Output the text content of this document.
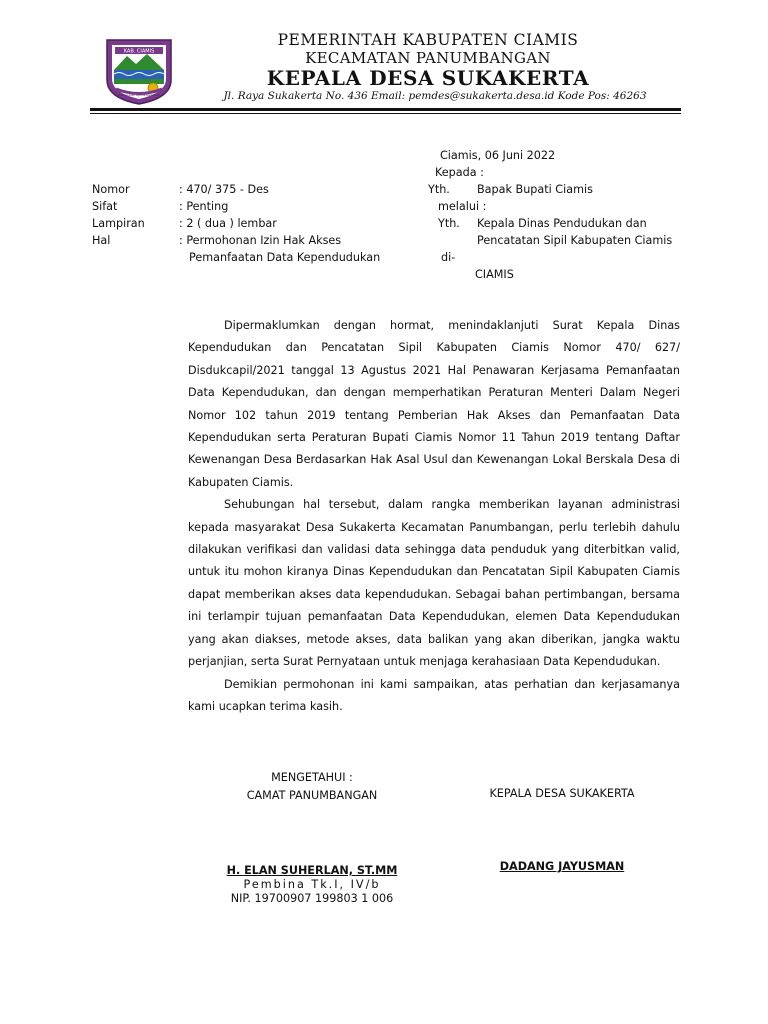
KAB. CIAMIS
Mahayunan Ayuna Kadatuan
PEMERINTAH KABUPATEN CIAMIS
KECAMATAN PANUMBANGAN
KEPALA DESA SUKAKERTA
Jl. Raya Sukakerta No. 436 Email: pemdes@sukakerta.desa.id Kode Pos: 46263
Ciamis, 06 Juni 2022
Kepada :
Yth. Bapak Bupati Ciamis
melalui :
Yth. Kepala Dinas Pendudukan dan
Pencatatan Sipil Kabupaten Ciamis
di-
CIAMIS
Nomor	: 470/ 375 - Des
Sifat	: Penting
Lampiran	: 2 ( dua ) lembar
Hal	: Permohonan Izin Hak Akses
Pemanfaatan Data Kependudukan

Dipermaklumkan dengan hormat, menindaklanjuti Surat Kepala Dinas Kependudukan dan Pencatatan Sipil Kabupaten Ciamis Nomor 470/ 627/ Disdukcapil/2021 tanggal 13 Agustus 2021 Hal Penawaran Kerjasama Pemanfaatan Data Kependudukan, dan dengan memperhatikan Peraturan Menteri Dalam Negeri Nomor 102 tahun 2019 tentang Pemberian Hak Akses dan Pemanfaatan Data Kependudukan serta Peraturan Bupati Ciamis Nomor 11 Tahun 2019 tentang Daftar Kewenangan Desa Berdasarkan Hak Asal Usul dan Kewenangan Lokal Berskala Desa di Kabupaten Ciamis.

Sehubungan hal tersebut, dalam rangka memberikan layanan administrasi kepada masyarakat Desa Sukakerta Kecamatan Panumbangan, perlu terlebih dahulu dilakukan verifikasi dan validasi data sehingga data penduduk yang diterbitkan valid, untuk itu mohon kiranya Dinas Kependudukan dan Pencatatan Sipil Kabupaten Ciamis dapat memberikan akses data kependudukan. Sebagai bahan pertimbangan, bersama ini terlampir tujuan pemanfaatan Data Kependudukan, elemen Data Kependudukan yang akan diakses, metode akses, data balikan yang akan diberikan, jangka waktu perjanjian, serta Surat Pernyataan untuk menjaga kerahasiaan Data Kependudukan.

Demikian permohonan ini kami sampaikan, atas perhatian dan kerjasamanya kami ucapkan terima kasih.

MENGETAHUI :
CAMAT PANUMBANGAN
H. ELAN SUHERLAN, ST.MM
Pembina Tk.I, IV/b
NIP. 19700907 199803 1 006
KEPALA DESA SUKAKERTA
DADANG JAYUSMAN
